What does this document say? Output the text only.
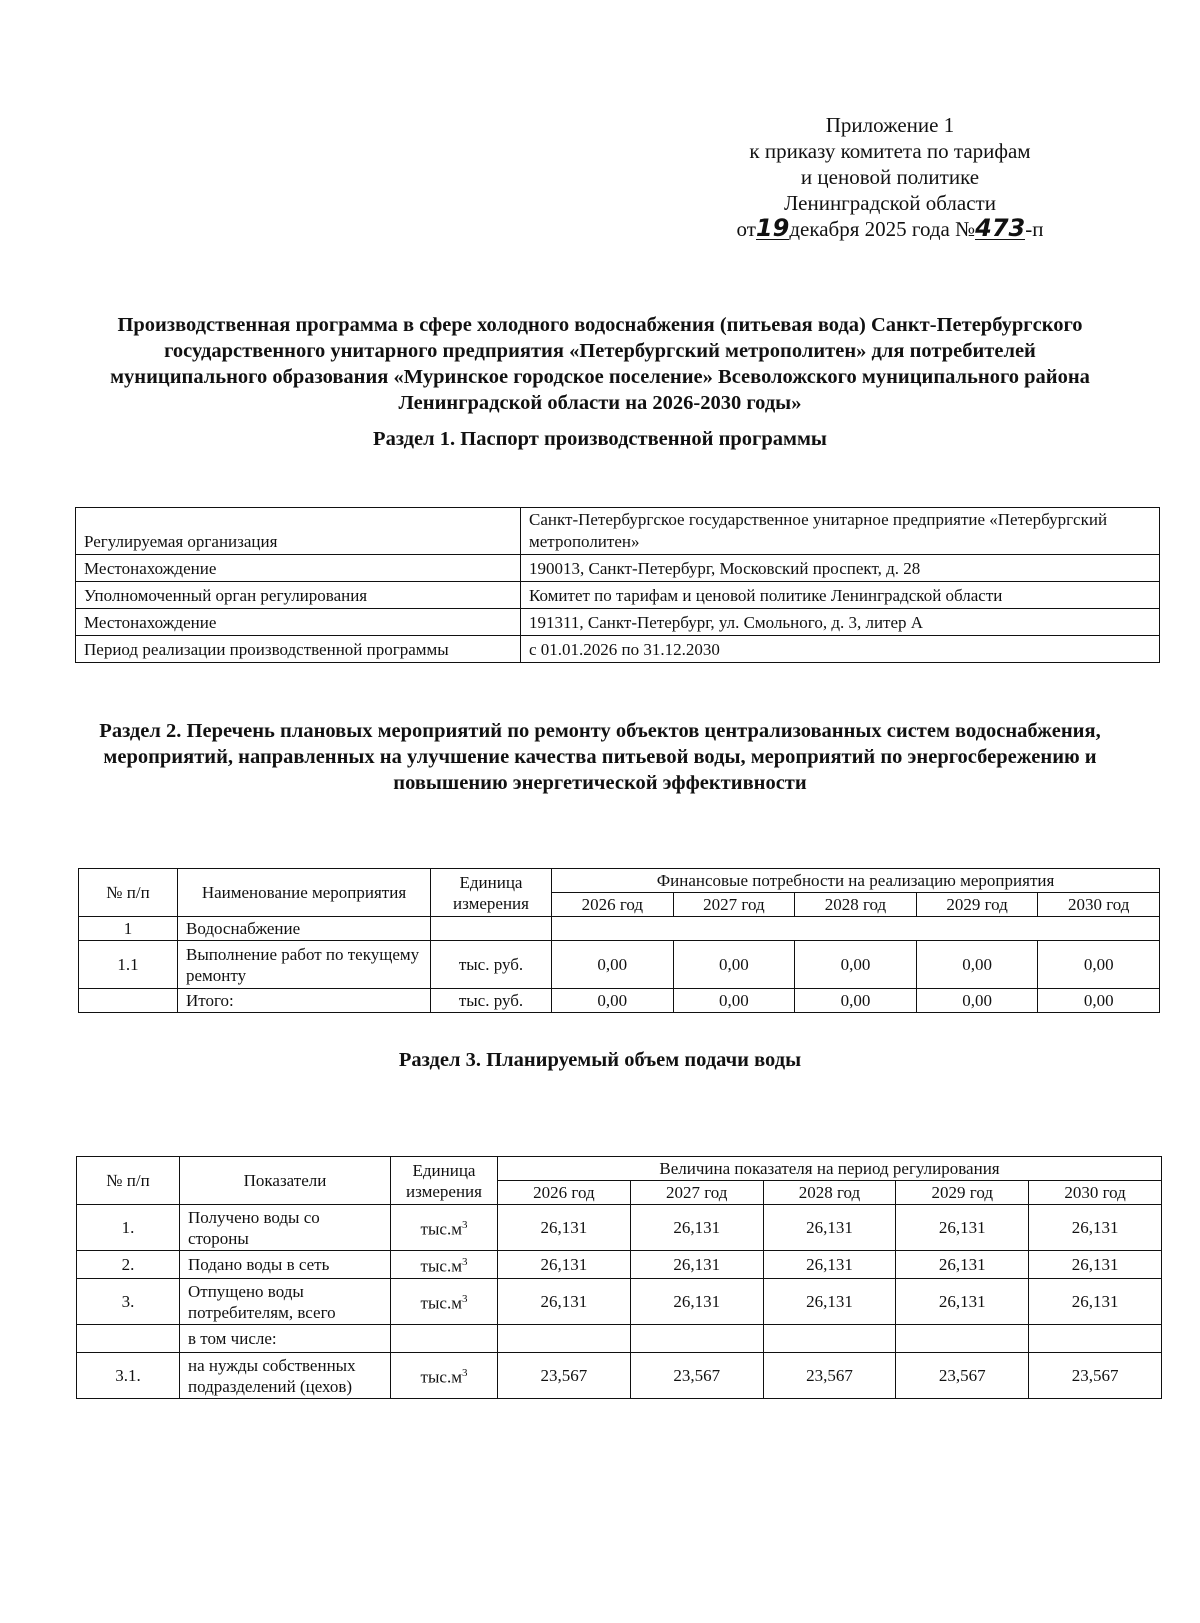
Приложение 1
к приказу комитета по тарифам
и ценовой политике
Ленинградской области
от19декабря 2025 года №473-п
Производственная программа в сфере холодного водоснабжения (питьевая вода) Санкт-Петербургского государственного унитарного предприятия «Петербургский метрополитен» для потребителей муниципального образования «Муринское городское поселение» Всеволожского муниципального района Ленинградской области на 2026-2030 годы»
Раздел 1. Паспорт производственной программы
Регулируемая организация	Санкт-Петербургское государственное унитарное предприятие «Петербургский метрополитен»
Местонахождение	190013, Санкт-Петербург, Московский проспект, д. 28
Уполномоченный орган регулирования	Комитет по тарифам и ценовой политике Ленинградской области
Местонахождение	191311, Санкт-Петербург, ул. Смольного, д. 3, литер А
Период реализации производственной программы	с 01.01.2026 по 31.12.2030
Раздел 2. Перечень плановых мероприятий по ремонту объектов централизованных систем водоснабжения, мероприятий, направленных на улучшение качества питьевой воды, мероприятий по энергосбережению и повышению энергетической эффективности
№ п/п	Наименование мероприятия	Единица измерения	Финансовые потребности на реализацию мероприятия				
			2026 год	2027 год	2028 год	2029 год	2030 год
1	Водоснабжение						
1.1	Выполнение работ по текущему ремонту	тыс. руб.	0,00	0,00	0,00	0,00	0,00
	Итого:	тыс. руб.	0,00	0,00	0,00	0,00	0,00
Раздел 3. Планируемый объем подачи воды
№ п/п	Показатели	Единица измерения	Величина показателя на период регулирования				
			2026 год	2027 год	2028 год	2029 год	2030 год
1.	Получено воды со стороны	$тыс.м^3$	26,131	26,131	26,131	26,131	26,131
2.	Подано воды в сеть	$тыс.м^3$	26,131	26,131	26,131	26,131	26,131
3.	Отпущено воды потребителям, всего	$тыс.м^3$	26,131	26,131	26,131	26,131	26,131
	в том числе:						
3.1.	на нужды собственных подразделений (цехов)	$тыс.м^3$	23,567	23,567	23,567	23,567	23,567
